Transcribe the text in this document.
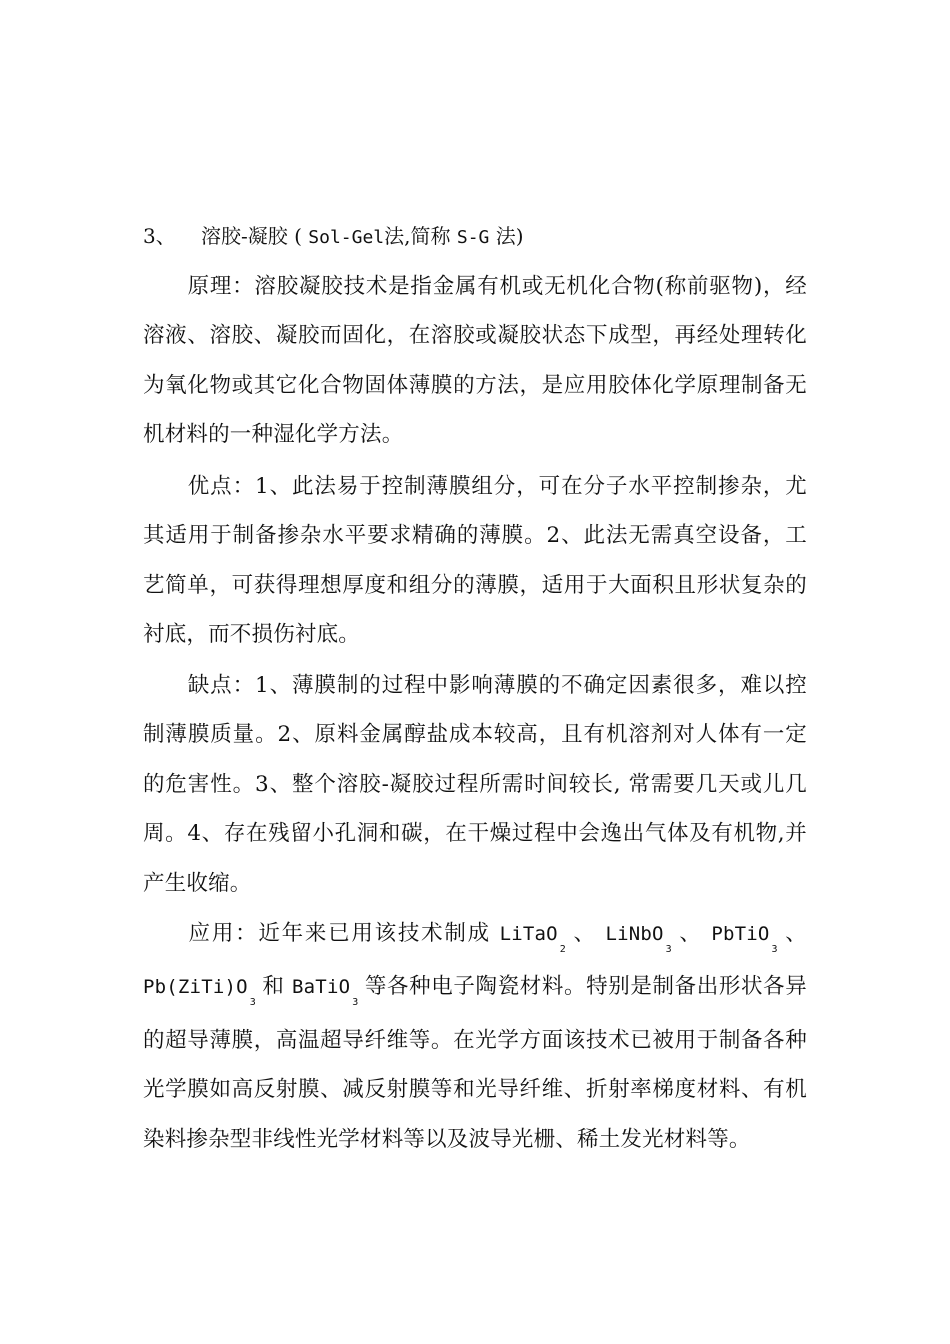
3、 溶胶-凝胶 ( Sol-Gel法,简称 S-G 法)
原理：溶胶凝胶技术是指金属有机或无机化合物(称前驱物)，经溶液、溶胶、凝胶而固化，在溶胶或凝胶状态下成型，再经处理转化为氧化物或其它化合物固体薄膜的方法，是应用胶体化学原理制备无机材料的一种湿化学方法。
优点：1、此法易于控制薄膜组分，可在分子水平控制掺杂，尤其适用于制备掺杂水平要求精确的薄膜。2、此法无需真空设备，工艺简单，可获得理想厚度和组分的薄膜，适用于大面积且形状复杂的衬底，而不损伤衬底。
缺点：1、薄膜制的过程中影响薄膜的不确定因素很多，难以控制薄膜质量。2、原料金属醇盐成本较高，且有机溶剂对人体有一定的危害性。3、整个溶胶-凝胶过程所需时间较长, 常需要几天或儿几周。4、存在残留小孔洞和碳，在干燥过程中会逸出气体及有机物,并产生收缩。
应用：近年来已用该技术制成 LiTaO$_2$、 LiNbO$_3$、 PbTiO$_3$、 $Pb(ZiTi)O_3$和 BaTiO$_3$等各种电子陶瓷材料。特别是制备出形状各异的超导薄膜，高温超导纤维等。在光学方面该技术已被用于制备各种光学膜如高反射膜、减反射膜等和光导纤维、折射率梯度材料、有机染料掺杂型非线性光学材料等以及波导光栅、稀土发光材料等。
